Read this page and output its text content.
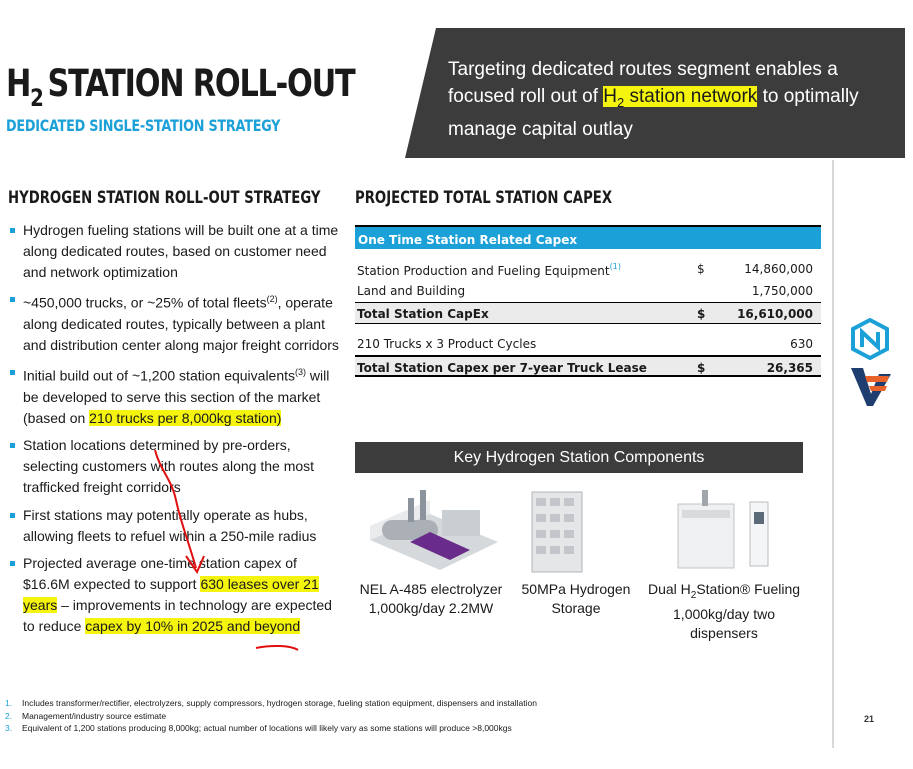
$H_2$ STATION ROLL-OUT
DEDICATED SINGLE-STATION STRATEGY
Targeting dedicated routes segment enables a focused roll out of $H_2$ station network to optimally manage capital outlay
HYDROGEN STATION ROLL-OUT STRATEGY
Hydrogen fueling stations will be built one at a time along dedicated routes, based on customer need and network optimization
~450,000 trucks, or ~25% of total fleets$^{(2)}$, operate along dedicated routes, typically between a plant and distribution center along major freight corridors
Initial build out of ~1,200 station equivalents$^{(3)}$ will be developed to serve this section of the market (based on 210 trucks per 8,000kg station)
Station locations determined by pre-orders, selecting customers with routes along the most trafficked freight corridors
First stations may potentially operate as hubs, allowing fleets to refuel within a 250-mile radius
Projected average one-time station capex of $16.6M expected to support 630 leases over 21 years – improvements in technology are expected to reduce capex by 10% in 2025 and beyond
PROJECTED TOTAL STATION CAPEX
One Time Station Related Capex
Station Production and Fueling Equipment$^{(1)}$	$	14,860,000
Land and Building	1,750,000
Total Station CapEx	$	16,610,000
210 Trucks x 3 Product Cycles	630
Total Station Capex per 7-year Truck Lease	$	26,365
Key Hydrogen Station Components
NEL A-485 electrolyzer
1,000kg/day 2.2MW
50MPa Hydrogen
Storage
Dual $H_2Station®$ Fueling
1,000kg/day two
dispensers
1. Includes transformer/rectifier, electrolyzers, supply compressors, hydrogen storage, fueling station equipment, dispensers and installation
2. Management/industry source estimate
3. Equivalent of 1,200 stations producing 8,000kg; actual number of locations will likely vary as some stations will produce >8,000kgs
21
